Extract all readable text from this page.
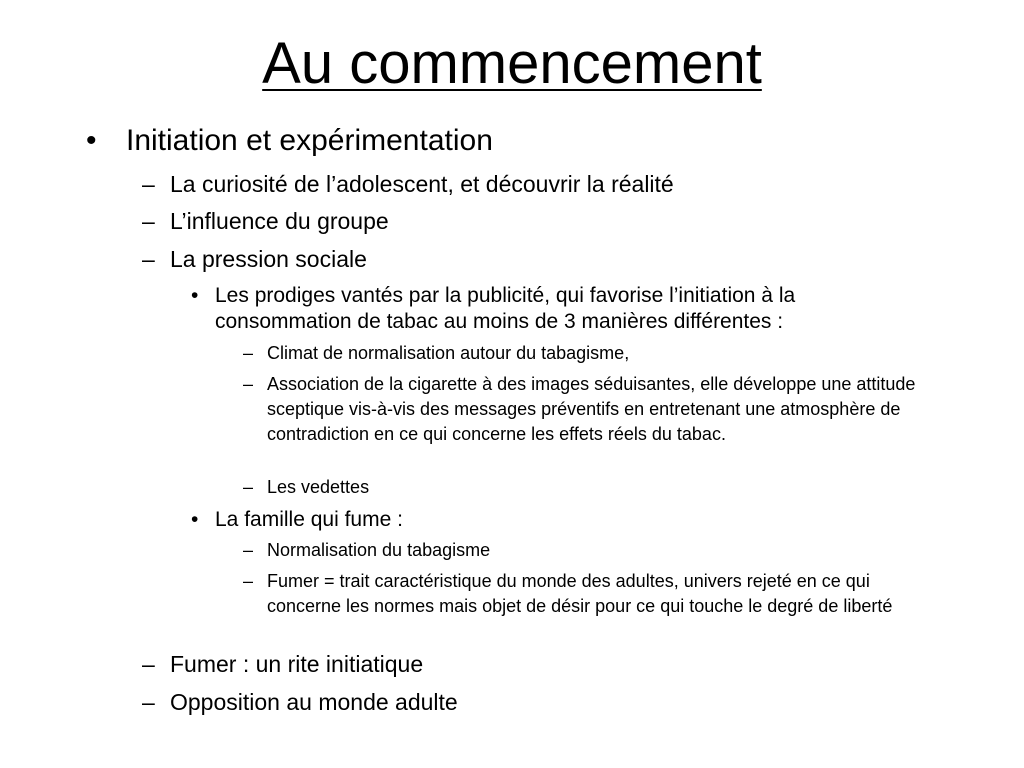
Au commencement
• Initiation et expérimentation
– La curiosité de l’adolescent, et découvrir la réalité
– L’influence du groupe
– La pression sociale
• Les prodiges vantés par la publicité, qui favorise l’initiation à la consommation de tabac au moins de 3 manières différentes :
– Climat de normalisation autour du tabagisme,
– Association de la cigarette à des images séduisantes, elle développe une attitude sceptique vis-à-vis des messages préventifs en entretenant une atmosphère de contradiction en ce qui concerne les effets réels du tabac.
– Les vedettes
• La famille qui fume :
– Normalisation du tabagisme
– Fumer = trait caractéristique du monde des adultes, univers rejeté en ce qui concerne les normes mais objet de désir pour ce qui touche le degré de liberté
– Fumer : un rite initiatique
– Opposition au monde adulte
